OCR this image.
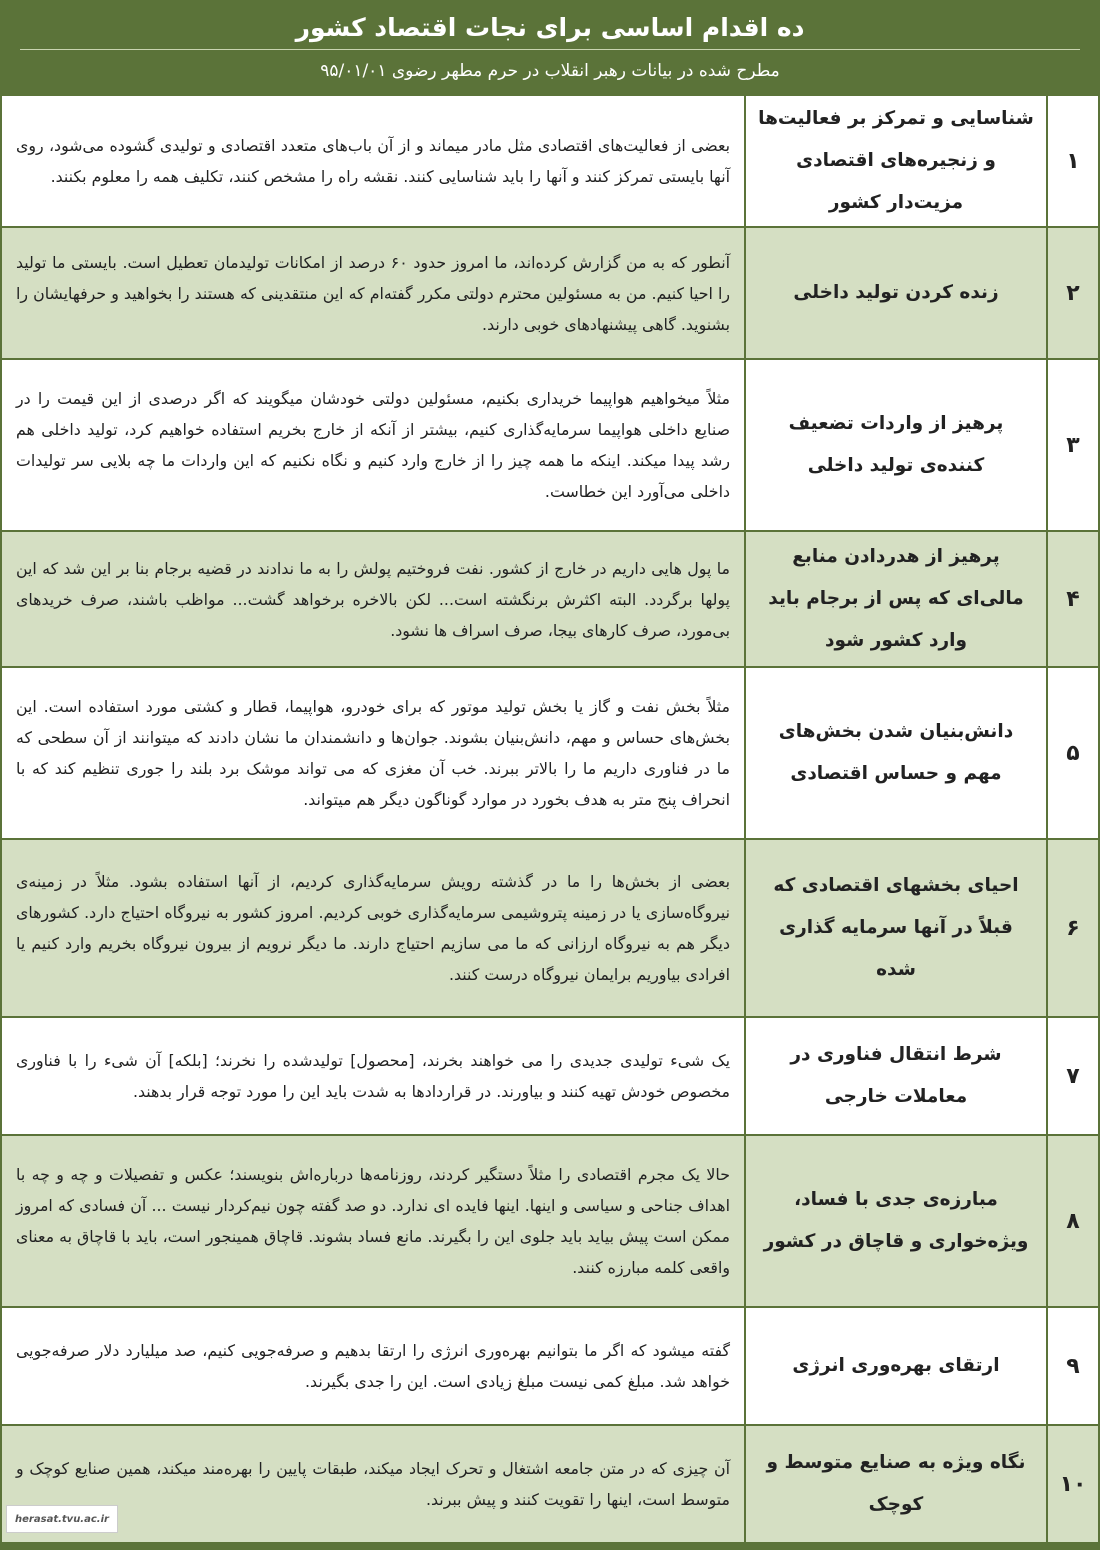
ده اقدام اساسی برای نجات اقتصاد کشور
مطرح شده در بیانات رهبر انقلاب در حرم مطهر رضوی ۹۵/۰۱/۰۱
۱
شناسایی و تمرکز بر فعالیت‌ها و زنجیره‌های اقتصادی مزیت‌دار کشور
بعضی از فعالیت‌های اقتصادی مثل مادر میماند و از آن باب‌های متعدد اقتصادی و تولیدی گشوده می‌شود، روی آنها بایستی تمرکز کنند و آنها را باید شناسایی کنند. نقشه راه را مشخص کنند، تکلیف همه را معلوم بکنند.
۲
زنده کردن تولید داخلی
آنطور که به من گزارش کرده‌اند، ما امروز حدود ۶۰ درصد از امکانات تولیدمان تعطیل است. بایستی ما تولید را احیا کنیم. من به مسئولین محترم دولتی مکرر گفته‌ام که این منتقدینی که هستند را بخواهید و حرفهایشان را بشنوید. گاهی پیشنهادهای خوبی دارند.
۳
پرهیز از واردات تضعیف کننده‌ی تولید داخلی
مثلاً میخواهیم هواپیما خریداری بکنیم، مسئولین دولتی خودشان میگویند که اگر درصدی از این قیمت را در صنایع داخلی هواپیما سرمایه‌گذاری کنیم، بیشتر از آنکه از خارج بخریم استفاده خواهیم کرد، تولید داخلی هم رشد پیدا میکند. اینکه ما همه چیز را از خارج وارد کنیم و نگاه نکنیم که این واردات ما چه بلایی سر تولیدات داخلی می‌آورد این خطاست.
۴
پرهیز از هدردادن منابع مالی‌ای که پس از برجام باید وارد کشور شود
ما پول هایی داریم در خارج از کشور. نفت فروختیم پولش را به ما ندادند در قضیه برجام بنا بر این شد که این پولها برگردد. البته اکثرش برنگشته است... لکن بالاخره برخواهد گشت... مواظب باشند، صرف خریدهای بی‌مورد، صرف کارهای بیجا، صرف اسراف ها نشود.
۵
دانش‌بنیان شدن بخش‌های مهم و حساس اقتصادی
مثلاً بخش نفت و گاز یا بخش تولید موتور که برای خودرو، هواپیما، قطار و کشتی مورد استفاده است. این بخش‌های حساس و مهم، دانش‌بنیان بشوند. جوان‌ها و دانشمندان ما نشان دادند که میتوانند از آن سطحی که ما در فناوری داریم ما را بالاتر ببرند. خب آن مغزی که می تواند موشک برد بلند را جوری تنظیم کند که با انحراف پنج متر به هدف بخورد در موارد گوناگون دیگر هم میتواند.
۶
احیای بخشهای اقتصادی که قبلاً در آنها سرمایه گذاری شده
بعضی از بخش‌ها را ما در گذشته رویش سرمایه‌گذاری کردیم، از آنها استفاده بشود. مثلاً در زمینه‌ی نیروگاه‌سازی یا در زمینه پتروشیمی سرمایه‌گذاری خوبی کردیم. امروز کشور به نیروگاه احتیاج دارد. کشورهای دیگر هم به نیروگاه ارزانی که ما می سازیم احتیاج دارند. ما دیگر نرویم از بیرون نیروگاه بخریم وارد کنیم یا افرادی بیاوریم برایمان نیروگاه درست کنند.
۷
شرط انتقال فناوری در معاملات خارجی
یک شیء تولیدی جدیدی را می خواهند بخرند، [محصول] تولیدشده را نخرند؛ [بلکه] آن شیء را با فناوری مخصوص خودش تهیه کنند و بیاورند. در قراردادها به شدت باید این را مورد توجه قرار بدهند.
۸
مبارزه‌ی جدی با فساد، ویژه‌خواری و قاچاق در کشور
حالا یک مجرم اقتصادی را مثلاً دستگیر کردند، روزنامه‌ها درباره‌اش بنویسند؛ عکس و تفصیلات و چه و چه با اهداف جناحی و سیاسی و اینها. اینها فایده ای ندارد. دو صد گفته چون نیم‌کردار نیست ... آن فسادی که امروز ممکن است پیش بیاید باید جلوی این را بگیرند. مانع فساد بشوند. قاچاق همینجور است، باید با قاچاق به معنای واقعی کلمه مبارزه کنند.
۹
ارتقای بهره‌وری انرژی
گفته میشود که اگر ما بتوانیم بهره‌وری انرژی را ارتقا بدهیم و صرفه‌جویی کنیم، صد میلیارد دلار صرفه‌جویی خواهد شد. مبلغ کمی نیست مبلغ زیادی است. این را جدی بگیرند.
۱۰
نگاه ویژه به صنایع متوسط و کوچک
آن چیزی که در متن جامعه اشتغال و تحرک ایجاد میکند، طبقات پایین را بهره‌مند میکند، همین صنایع کوچک و متوسط است، اینها را تقویت کنند و پیش ببرند.
herasat.tvu.ac.ir
